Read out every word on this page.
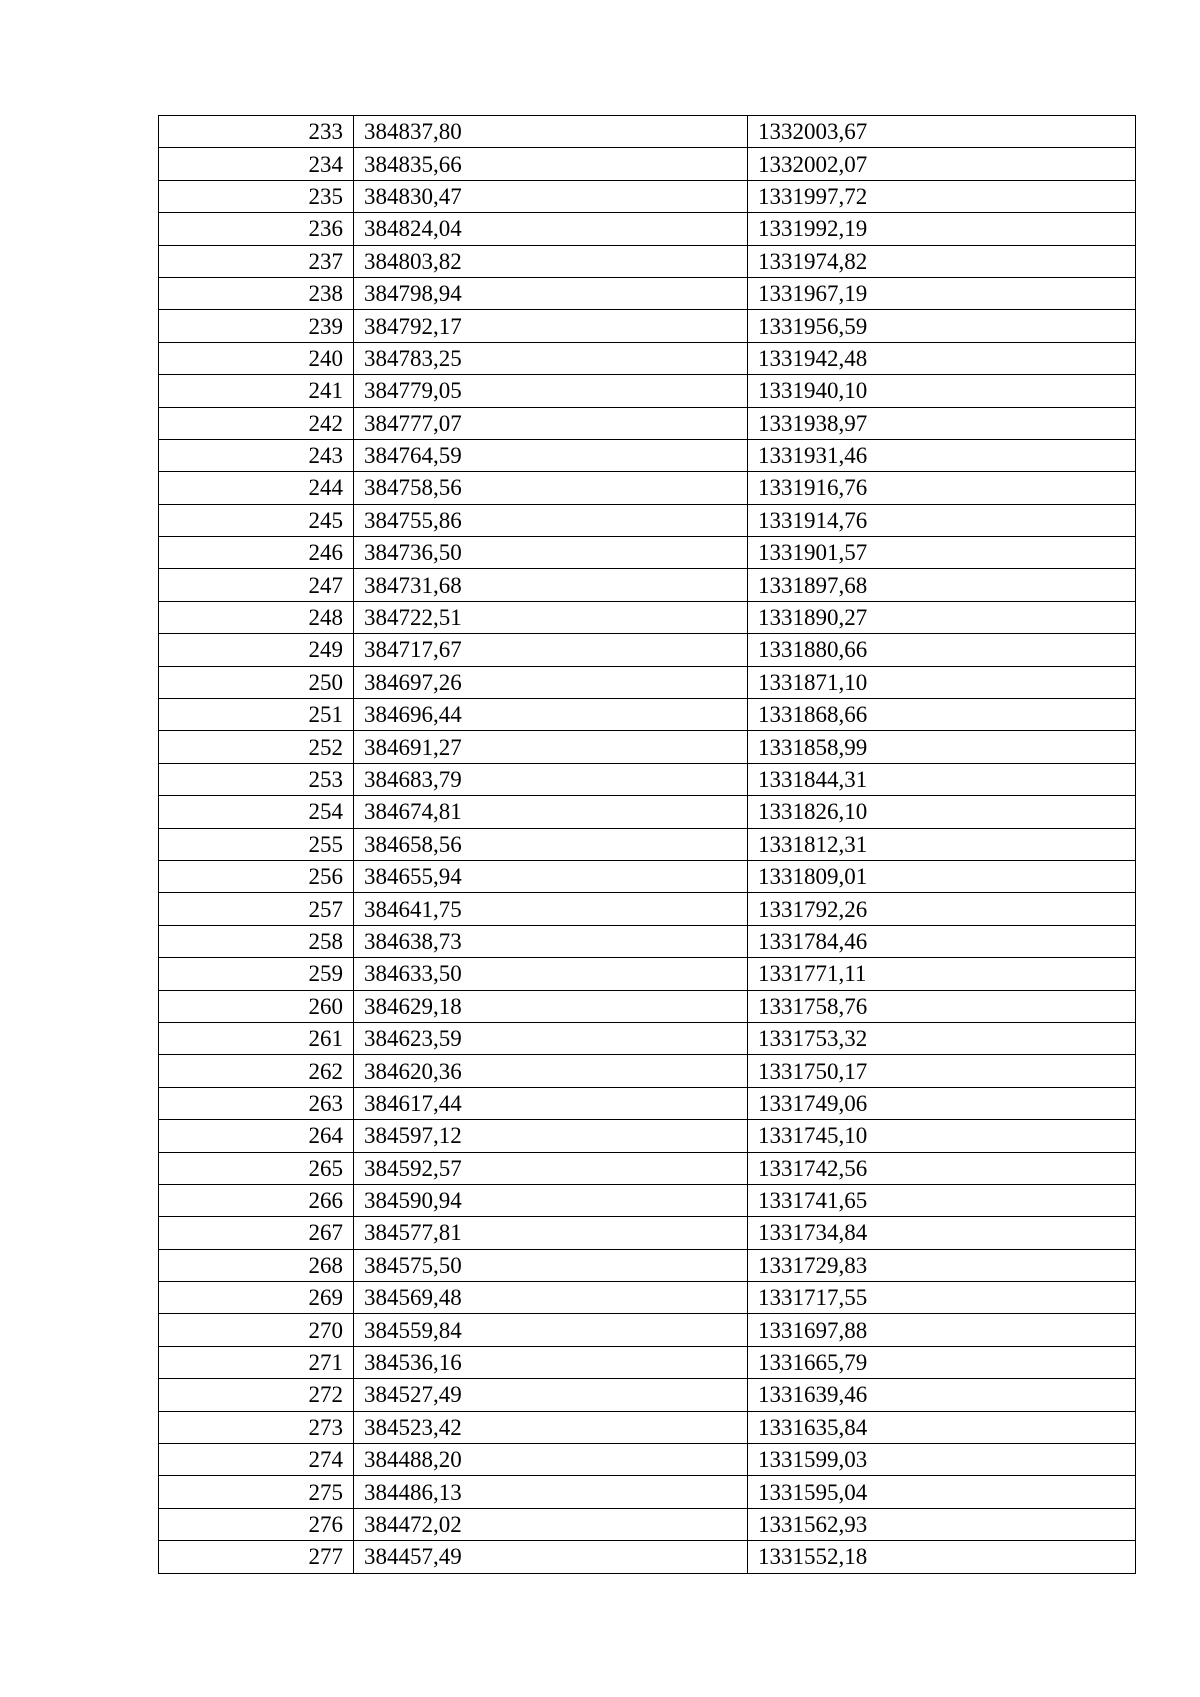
233	384837,80	1332003,67
234	384835,66	1332002,07
235	384830,47	1331997,72
236	384824,04	1331992,19
237	384803,82	1331974,82
238	384798,94	1331967,19
239	384792,17	1331956,59
240	384783,25	1331942,48
241	384779,05	1331940,10
242	384777,07	1331938,97
243	384764,59	1331931,46
244	384758,56	1331916,76
245	384755,86	1331914,76
246	384736,50	1331901,57
247	384731,68	1331897,68
248	384722,51	1331890,27
249	384717,67	1331880,66
250	384697,26	1331871,10
251	384696,44	1331868,66
252	384691,27	1331858,99
253	384683,79	1331844,31
254	384674,81	1331826,10
255	384658,56	1331812,31
256	384655,94	1331809,01
257	384641,75	1331792,26
258	384638,73	1331784,46
259	384633,50	1331771,11
260	384629,18	1331758,76
261	384623,59	1331753,32
262	384620,36	1331750,17
263	384617,44	1331749,06
264	384597,12	1331745,10
265	384592,57	1331742,56
266	384590,94	1331741,65
267	384577,81	1331734,84
268	384575,50	1331729,83
269	384569,48	1331717,55
270	384559,84	1331697,88
271	384536,16	1331665,79
272	384527,49	1331639,46
273	384523,42	1331635,84
274	384488,20	1331599,03
275	384486,13	1331595,04
276	384472,02	1331562,93
277	384457,49	1331552,18
